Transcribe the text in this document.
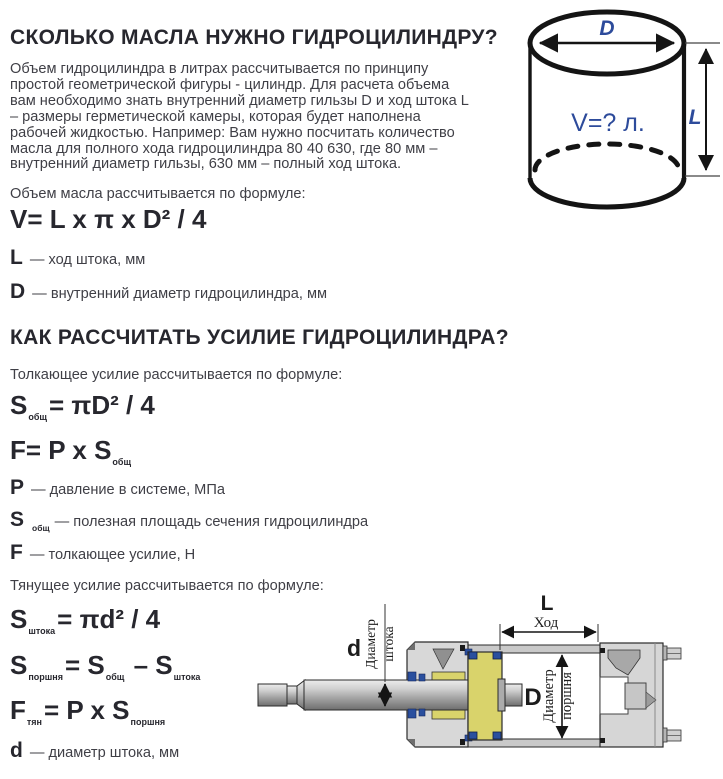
СКОЛЬКО МАСЛА НУЖНО ГИДРОЦИЛИНДРУ?
Объем гидроцилиндра в литрах рассчитывается по принципу простой геометрической фигуры - цилиндр. Для расчета объема вам необходимо знать внутренний диаметр гильзы D и ход штока L – размеры герметической камеры, которая будет наполнена рабочей жидкостью. Например: Вам нужно посчитать количество масла для полного хода гидроцилиндра 80 40 630, где 80 мм – внутренний диаметр гильзы, 630 мм – полный ход штока.
Объем масла рассчитывается по формуле:
V= L x π x D² / 4
L — ход штока, мм
D — внутренний диаметр гидроцилиндра, мм
КАК РАССЧИТАТЬ УСИЛИЕ ГИДРОЦИЛИНДРА?
Толкающее усилие рассчитывается по формуле:
$S_{общ}= \pi D^2 / 4$
F= P x $S_{общ}$
P — давление в системе, МПа
S $_{общ}$ — полезная площадь сечения гидроцилиндра
F — толкающее усилие, Н
Тянущее усилие рассчитывается по формуле:
$S_{штока}= \pi d^2 / 4$
$S_{поршня}= S_{общ} - S_{штока}$
$F_{тян}= P$ x $S_{поршня}$
d — диаметр штока, мм
D
V=? л. L
d Диаметр штока
L
Ход
D Диаметр поршня
